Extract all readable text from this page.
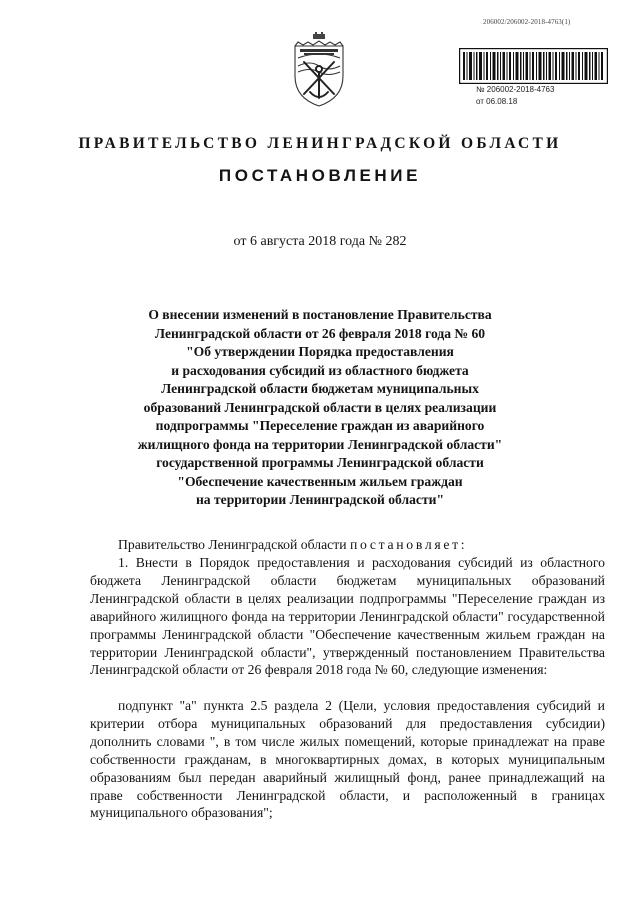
206002/206002-2018-4763(1)
№ 206002-2018-4763
от 06.08.18
ПРАВИТЕЛЬСТВО ЛЕНИНГРАДСКОЙ ОБЛАСТИ
ПОСТАНОВЛЕНИЕ
от 6 августа 2018 года № 282
О внесении изменений в постановление Правительства
Ленинградской области от 26 февраля 2018 года № 60
"Об утверждении Порядка предоставления
и расходования субсидий из областного бюджета
Ленинградской области бюджетам муниципальных
образований Ленинградской области в целях реализации
подпрограммы "Переселение граждан из аварийного
жилищного фонда на территории Ленинградской области"
государственной программы Ленинградской области
"Обеспечение качественным жильем граждан
на территории Ленинградской области"
Правительство Ленинградской области постановляет:

1. Внести в Порядок предоставления и расходования субсидий из областного бюджета Ленинградской области бюджетам муниципальных образований Ленинградской области в целях реализации подпрограммы "Переселение граждан из аварийного жилищного фонда на территории Ленинградской области" государственной программы Ленинградской области "Обеспечение качественным жильем граждан на территории Ленинградской области", утвержденный постановлением Правительства Ленинградской области от 26 февраля 2018 года № 60, следующие изменения:

подпункт "а" пункта 2.5 раздела 2 (Цели, условия предоставления субсидий и критерии отбора муниципальных образований для предоставления субсидии) дополнить словами ", в том числе жилых помещений, которые принадлежат на праве собственности гражданам, в многоквартирных домах, в которых муниципальным образованиям был передан аварийный жилищный фонд, ранее принадлежащий на праве собственности Ленинградской области, и расположенный в границах муниципального образования";
